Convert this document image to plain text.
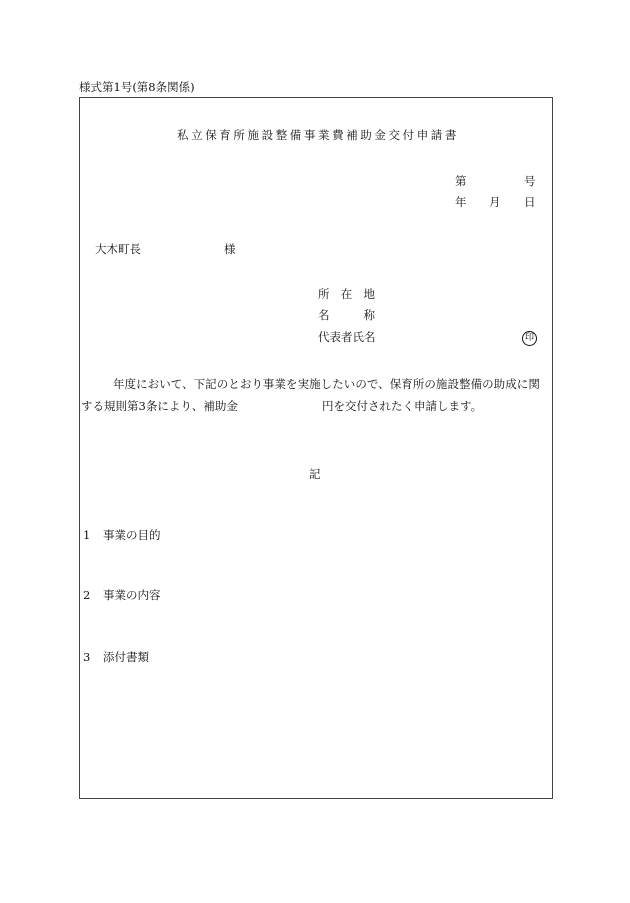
様式第1号(第8条関係)
私立保育所施設整備事業費補助金交付申請書
第	号
年 月 日
大木町長	様
所 在 地
名	称
代表者氏名	印
年度において、下記のとおり事業を実施したいので、保育所の施設整備の助成に関
する規則第3条により、補助金	円を交付されたく申請します。
記
1 事業の目的
2 事業の内容
3 添付書類
